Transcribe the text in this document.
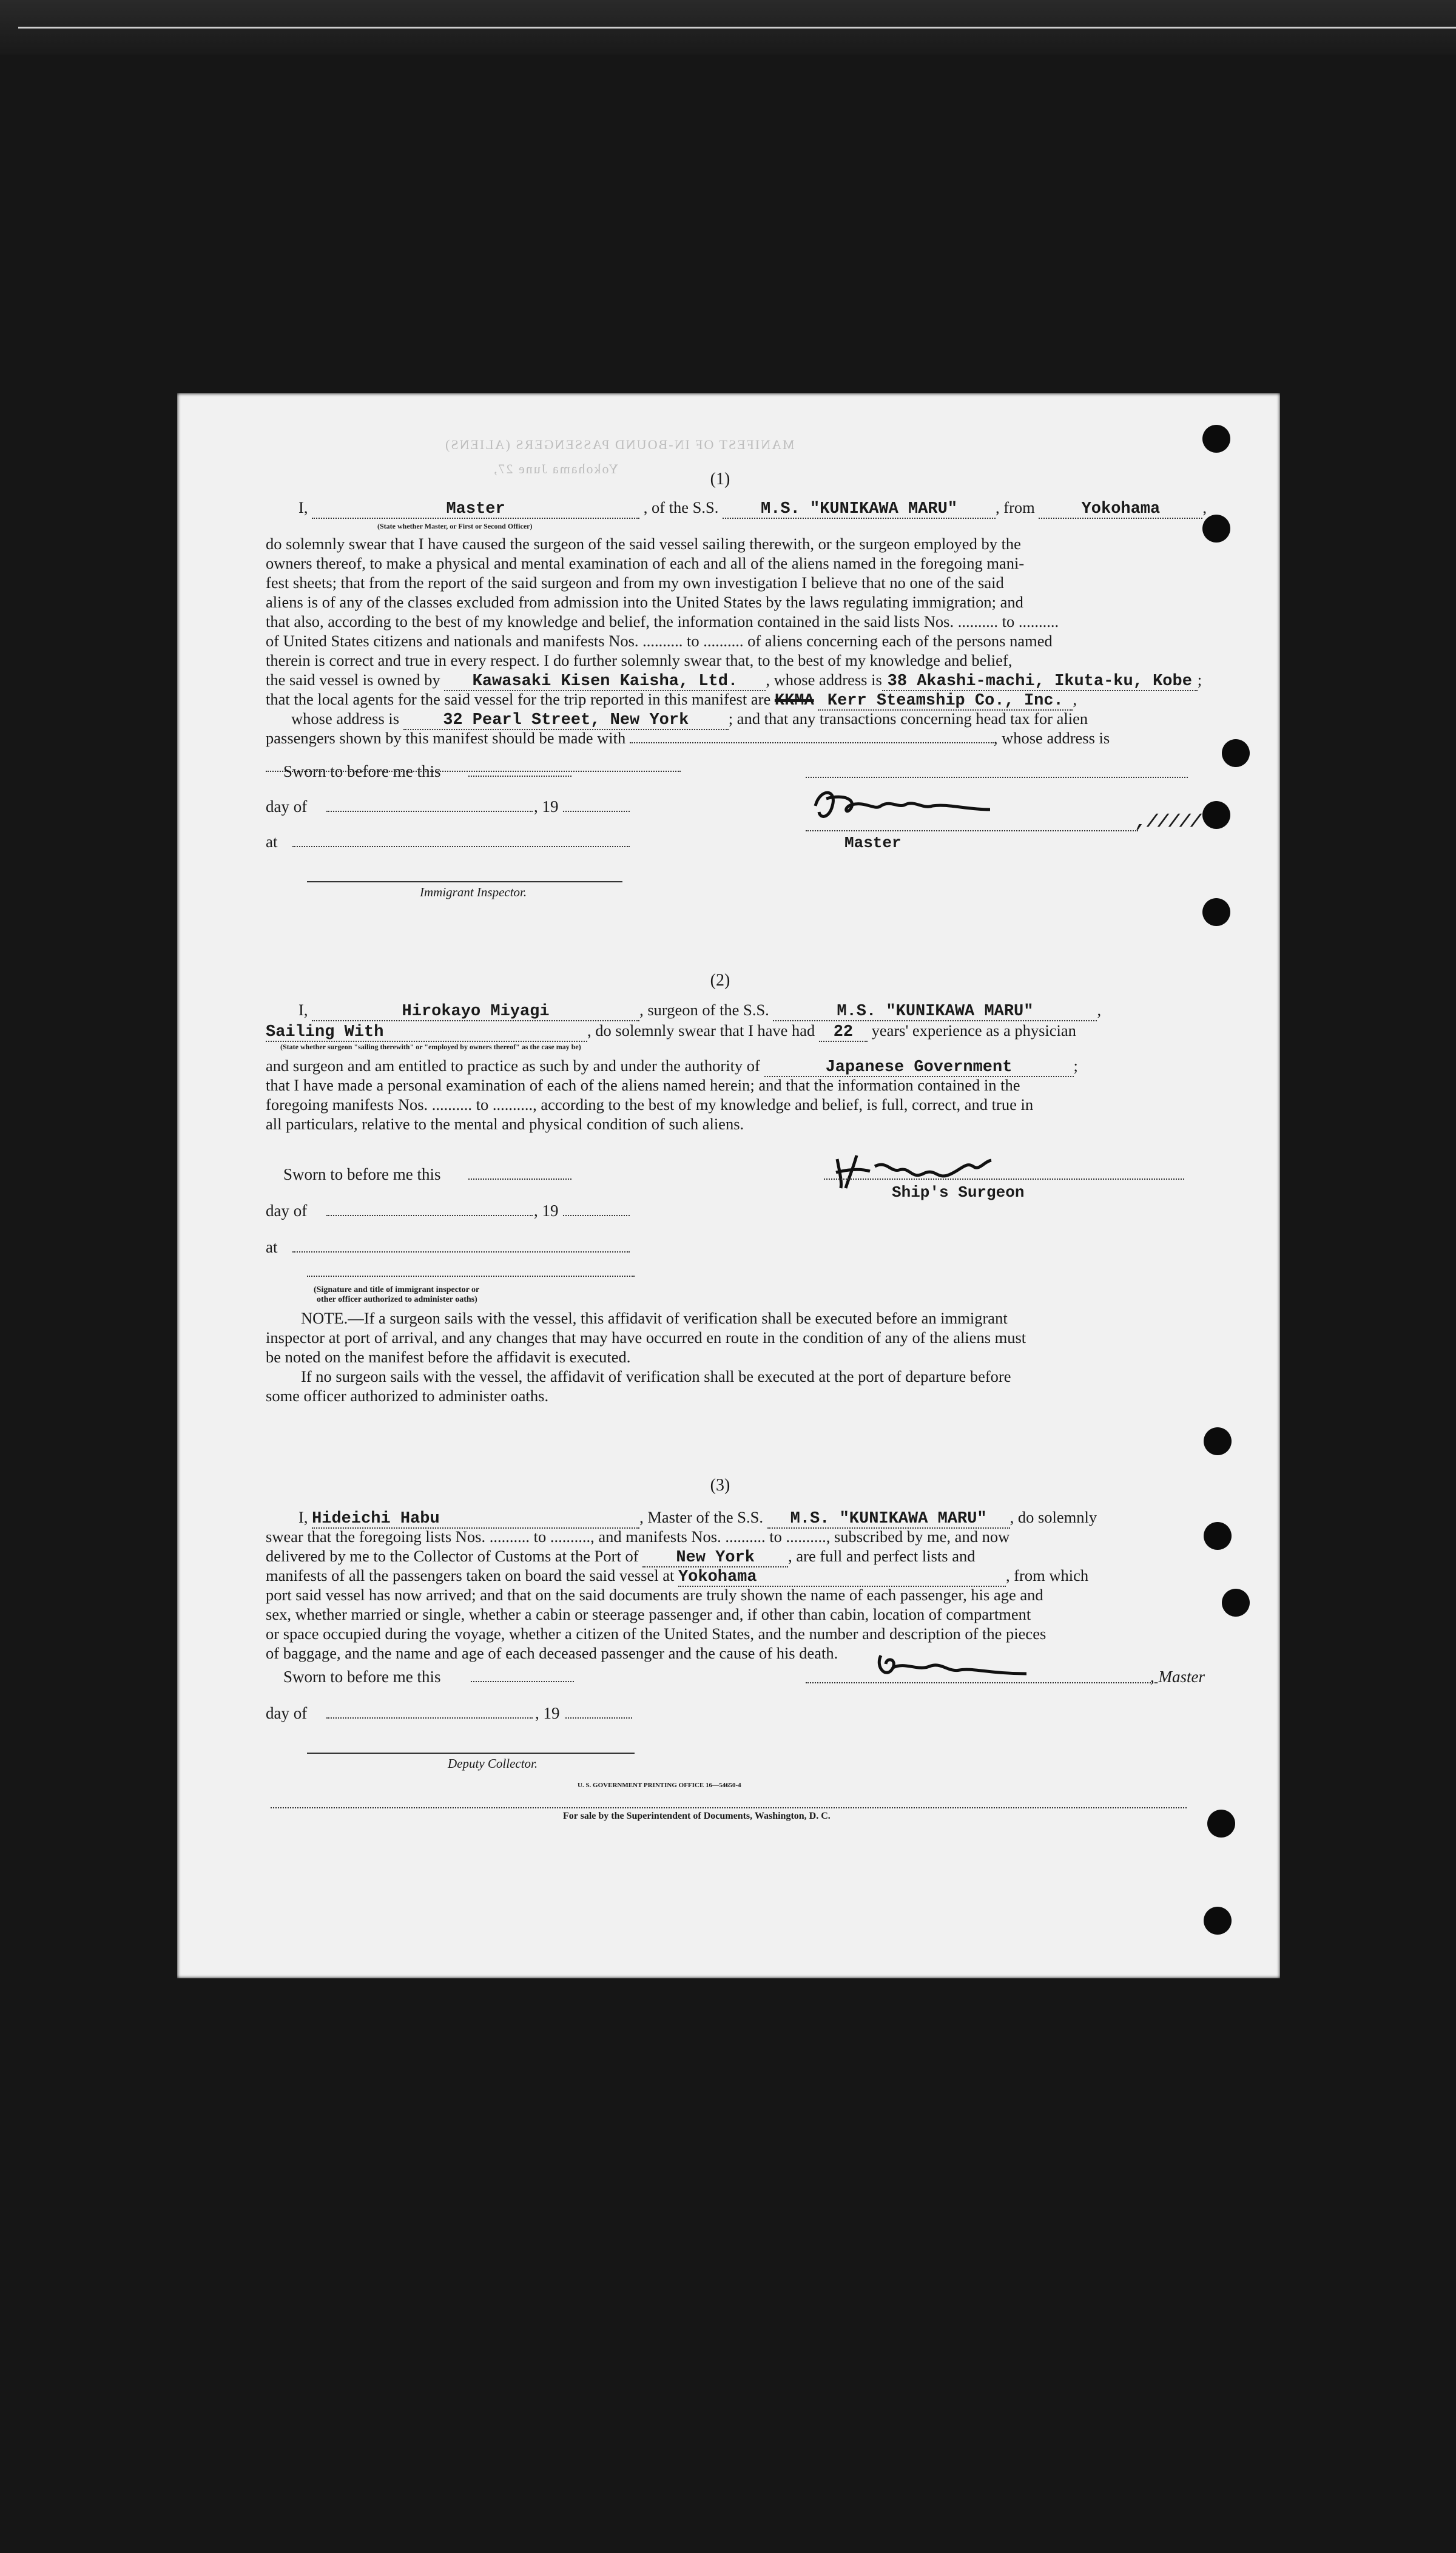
MANIFEST OF IN-BOUND PASSENGERS (ALIENS)
Yokohama June 27,
(1)
I,	Master	, of the S.S.	M.S. "KUNIKAWA MARU" , from	Yokohama	,
(State whether Master, or First or Second Officer)
do solemnly swear that I have caused the surgeon of the said vessel sailing therewith, or the surgeon employed by the
owners thereof, to make a physical and mental examination of each and all of the aliens named in the foregoing mani-
fest sheets; that from the report of the said surgeon and from my own investigation I believe that no one of the said
aliens is of any of the classes excluded from admission into the United States by the laws regulating immigration; and
that also, according to the best of my knowledge and belief, the information contained in the said lists Nos. .......... to ..........
of United States citizens and nationals and manifests Nos. .......... to .......... of aliens concerning each of the persons named
therein is correct and true in every respect. I do further solemnly swear that, to the best of my knowledge and belief,
the said vessel is owned by Kawasaki Kisen Kaisha, Ltd. , whose address is 38 Akashi-machi, Ikuta-ku, Kobe ;
that the local agents for the said vessel for the trip reported in this manifest are KKMA Kerr Steamship Co., Inc. ,
whose address is	32 Pearl Street, New York ; and that any transactions concerning head tax for alien
passengers shown by this manifest should be made with	, whose address is
Sworn to before me this
day of	, 19
at
Immigrant Inspector.
,/////
Master
(2)
I,	Hirokayo Miyagi	, surgeon of the S.S.	M.S. "KUNIKAWA MARU"	,
Sailing With	, do solemnly swear that I have had 22 years' experience as a physician
(State whether surgeon "sailing therewith" or "employed by owners thereof" as the case may be)
and surgeon and am entitled to practice as such by and under the authority of	Japanese Government	;
that I have made a personal examination of each of the aliens named herein; and that the information contained in the
foregoing manifests Nos. .......... to .........., according to the best of my knowledge and belief, is full, correct, and true in
all particulars, relative to the mental and physical condition of such aliens.
Sworn to before me this
Ship's Surgeon
day of	, 19
at
(Signature and title of immigrant inspector or
other officer authorized to administer oaths)
NOTE.—If a surgeon sails with the vessel, this affidavit of verification shall be executed before an immigrant
inspector at port of arrival, and any changes that may have occurred en route in the condition of any of the aliens must
be noted on the manifest before the affidavit is executed.
If no surgeon sails with the vessel, the affidavit of verification shall be executed at the port of departure before
some officer authorized to administer oaths.
(3)
I, Hideichi Habu	, Master of the S.S. M.S. "KUNIKAWA MARU" , do solemnly
swear that the foregoing lists Nos. .......... to .........., and manifests Nos. .......... to .........., subscribed by me, and now
delivered by me to the Collector of Customs at the Port of New York , are full and perfect lists and
manifests of all the passengers taken on board the said vessel at Yokohama	, from which
port said vessel has now arrived; and that on the said documents are truly shown the name of each passenger, his age and
sex, whether married or single, whether a cabin or steerage passenger and, if other than cabin, location of compartment
or space occupied during the voyage, whether a citizen of the United States, and the number and description of the pieces
of baggage, and the name and age of each deceased passenger and the cause of his death.
Sworn to before me this	, Master
day of	, 19
Deputy Collector.
U. S. GOVERNMENT PRINTING OFFICE 16—54650-4
For sale by the Superintendent of Documents, Washington, D. C.
